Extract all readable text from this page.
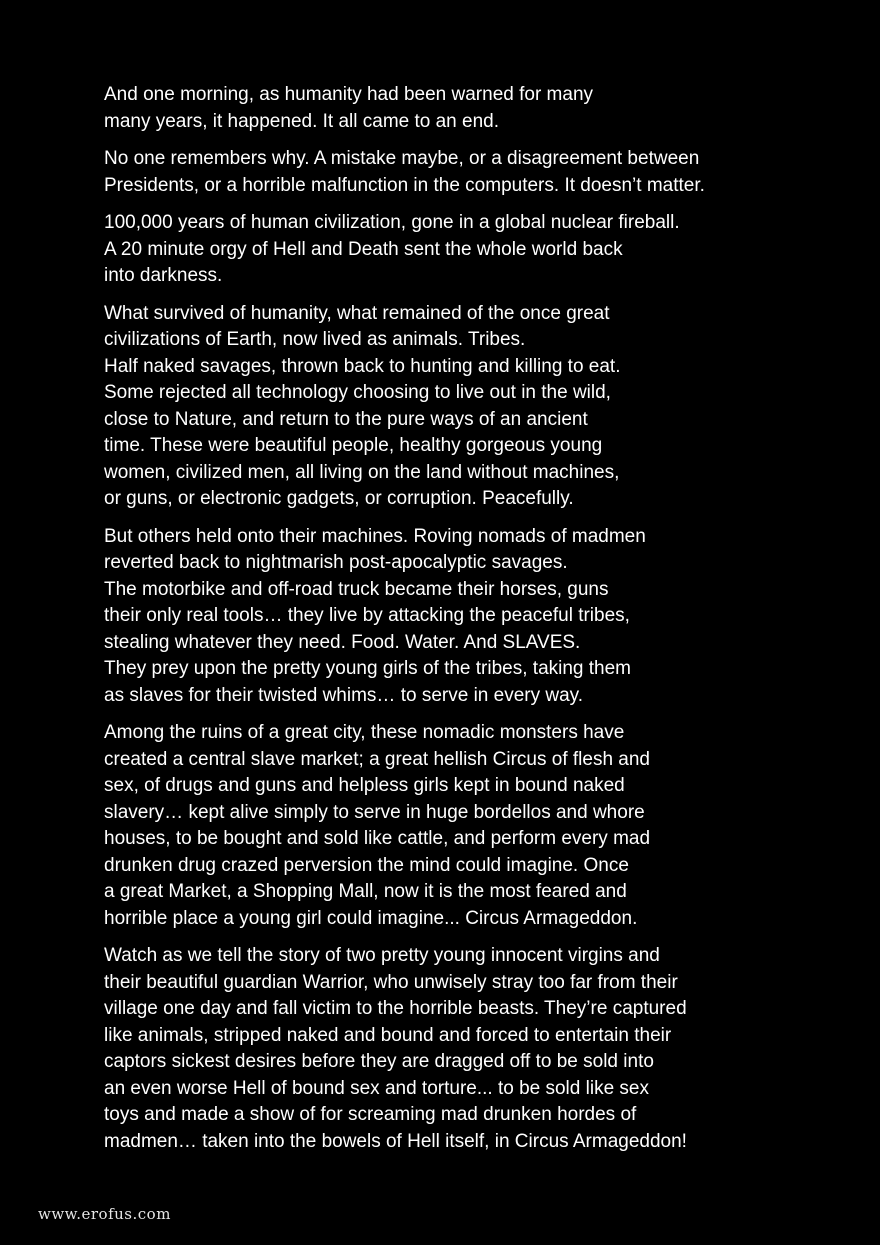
And one morning, as humanity had been warned for many
many years, it happened. It all came to an end.

No one remembers why. A mistake maybe, or a disagreement between
Presidents, or a horrible malfunction in the computers. It doesn’t matter.

100,000 years of human civilization, gone in a global nuclear fireball.
A 20 minute orgy of Hell and Death sent the whole world back
into darkness.

What survived of humanity, what remained of the once great
civilizations of Earth, now lived as animals. Tribes.
Half naked savages, thrown back to hunting and killing to eat.
Some rejected all technology choosing to live out in the wild,
close to Nature, and return to the pure ways of an ancient
time. These were beautiful people, healthy gorgeous young
women, civilized men, all living on the land without machines,
or guns, or electronic gadgets, or corruption. Peacefully.

But others held onto their machines. Roving nomads of madmen
reverted back to nightmarish post-apocalyptic savages.
The motorbike and off-road truck became their horses, guns
their only real tools… they live by attacking the peaceful tribes,
stealing whatever they need. Food. Water. And SLAVES.
They prey upon the pretty young girls of the tribes, taking them
as slaves for their twisted whims… to serve in every way.

Among the ruins of a great city, these nomadic monsters have
created a central slave market; a great hellish Circus of flesh and
sex, of drugs and guns and helpless girls kept in bound naked
slavery… kept alive simply to serve in huge bordellos and whore
houses, to be bought and sold like cattle, and perform every mad
drunken drug crazed perversion the mind could imagine. Once
a great Market, a Shopping Mall, now it is the most feared and
horrible place a young girl could imagine... Circus Armageddon.

Watch as we tell the story of two pretty young innocent virgins and
their beautiful guardian Warrior, who unwisely stray too far from their
village one day and fall victim to the horrible beasts. They’re captured
like animals, stripped naked and bound and forced to entertain their
captors sickest desires before they are dragged off to be sold into
an even worse Hell of bound sex and torture... to be sold like sex
toys and made a show of for screaming mad drunken hordes of
madmen… taken into the bowels of Hell itself, in Circus Armageddon!

www.erofus.com
